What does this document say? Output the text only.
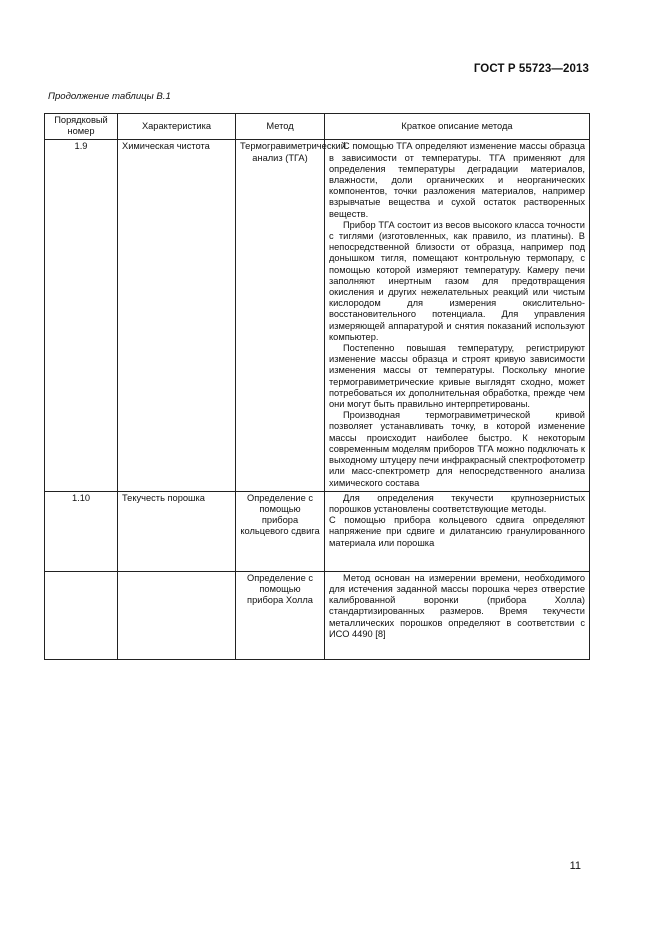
ГОСТ Р 55723—2013
Продолжение таблицы В.1
Порядковый номер	Характеристика	Метод	Краткое описание метода
1.9	Химическая чистота	Термогравиметрический анализ (ТГА)	С помощью ТГА определяют изменение массы образца в зависимости от температуры. ТГА применяют для определения температуры деградации материалов, влажности, доли органических и неорганических компонентов, точки разложения материалов, например взрывчатые вещества и сухой остаток растворенных веществ.

Прибор ТГА состоит из весов высокого класса точности с тиглями (изготовленных, как правило, из платины). В непосредственной близости от образца, например под донышком тигля, помещают контрольную термопару, с помощью которой измеряют температуру. Камеру печи заполняют инертным газом для предотвращения окисления и других нежелательных реакций или чистым кислородом для измерения окислительно-восстановительного потенциала. Для управления измеряющей аппаратурой и снятия показаний используют компьютер.

Постепенно повышая температуру, регистрируют изменение массы образца и строят кривую зависимости изменения массы от температуры. Поскольку многие термогравиметрические кривые выглядят сходно, может потребоваться их дополнительная обработка, прежде чем они могут быть правильно интерпретированы.

Производная термогравиметрической кривой позволяет устанавливать точку, в которой изменение массы происходит наиболее быстро. К некоторым современным моделям приборов ТГА можно подключать к выходному штуцеру печи инфракрасный спектрофотометр или масс-спектрометр для непосредственного анализа химического состава

1.10	Текучесть порошка	Определение с помощью прибора кольцевого сдвига	Для определения текучести крупнозернистых порошков установлены соответствующие методы.

С помощью прибора кольцевого сдвига определяют напряжение при сдвиге и дилатансию гранулированного материала или порошка

		Определение с помощью прибора Холла	Метод основан на измерении времени, необходимого для истечения заданной массы порошка через отверстие калиброванной воронки (прибора Холла) стандартизированных размеров. Время текучести металлических порошков определяют в соответствии с ИСО 4490 [8]

11
